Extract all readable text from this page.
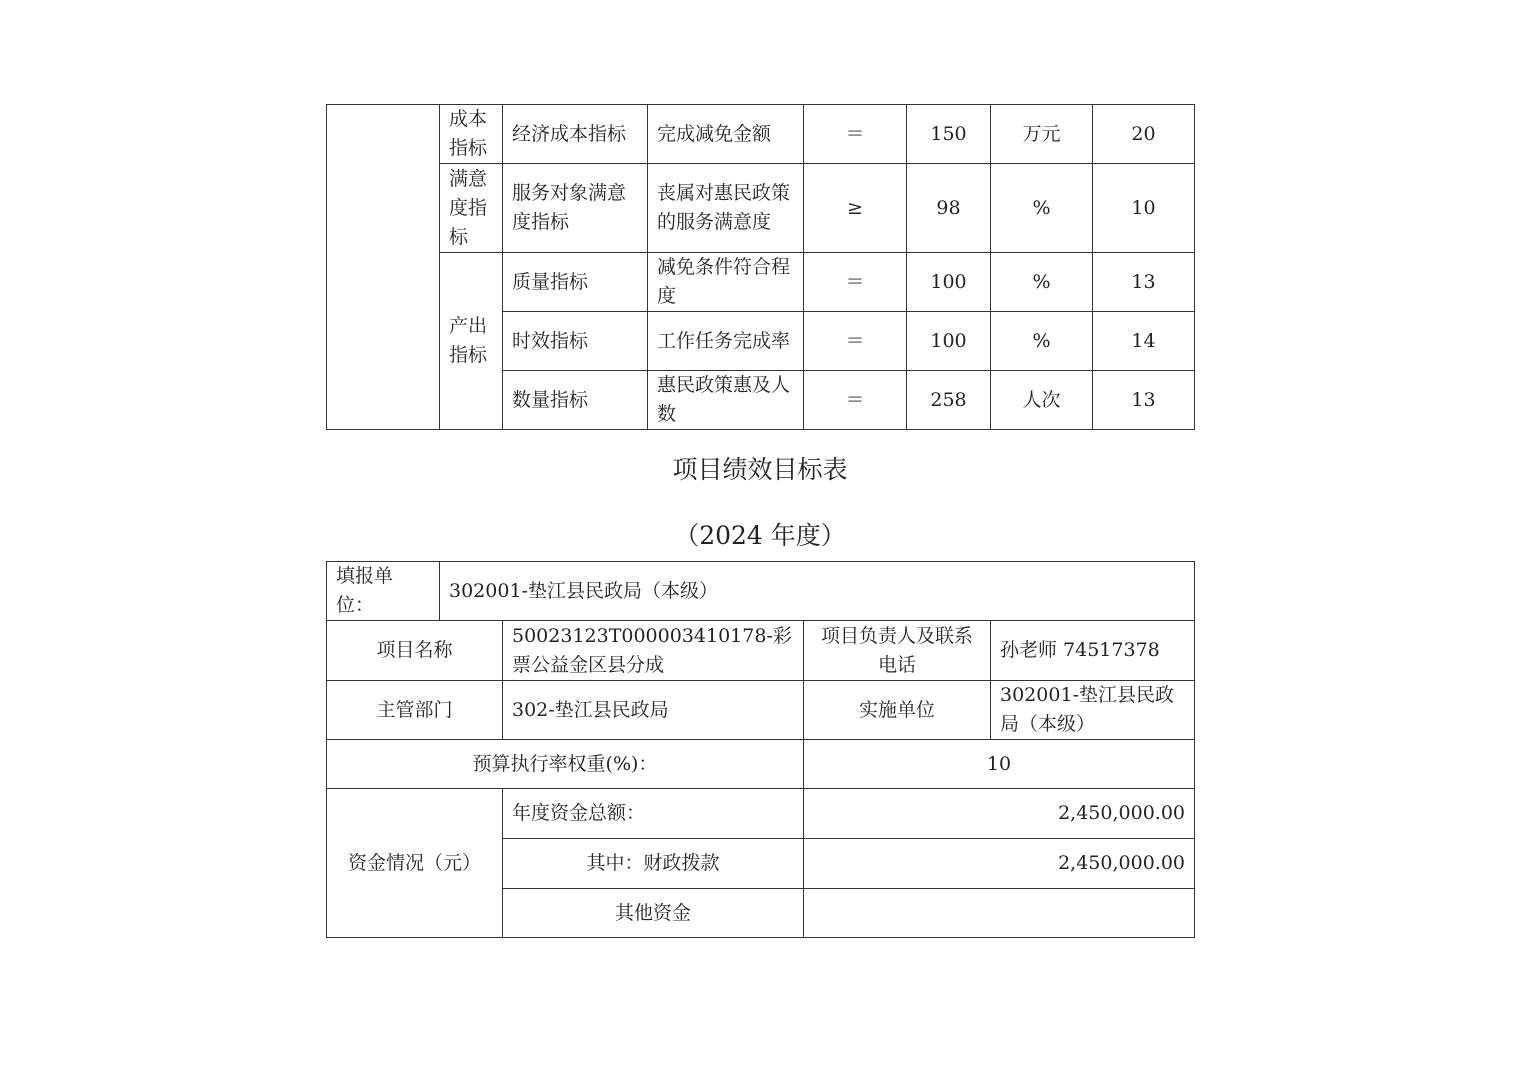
	成本指标	经济成本指标	完成减免金额	＝	150	万元	20
	满意度指标	服务对象满意度指标	丧属对惠民政策的服务满意度	≥	98	%	10
	产出指标	质量指标	减免条件符合程度	＝	100	%	13
		时效指标	工作任务完成率	＝	100	%	14
		数量指标	惠民政策惠及人数	＝	258	人次	13
项目绩效目标表
（2024 年度）
填报单位：	302001-垫江县民政局（本级）			
项目名称		50023123T000003410178-彩票公益金区县分成	项目负责人及联系电话	孙老师 74517378
主管部门		302-垫江县民政局	实施单位	302001-垫江县民政局（本级）
预算执行率权重(%)：			10	
资金情况（元）		年度资金总额：	2,450,000.00	
		其中：财政拨款	2,450,000.00	
		其他资金		
